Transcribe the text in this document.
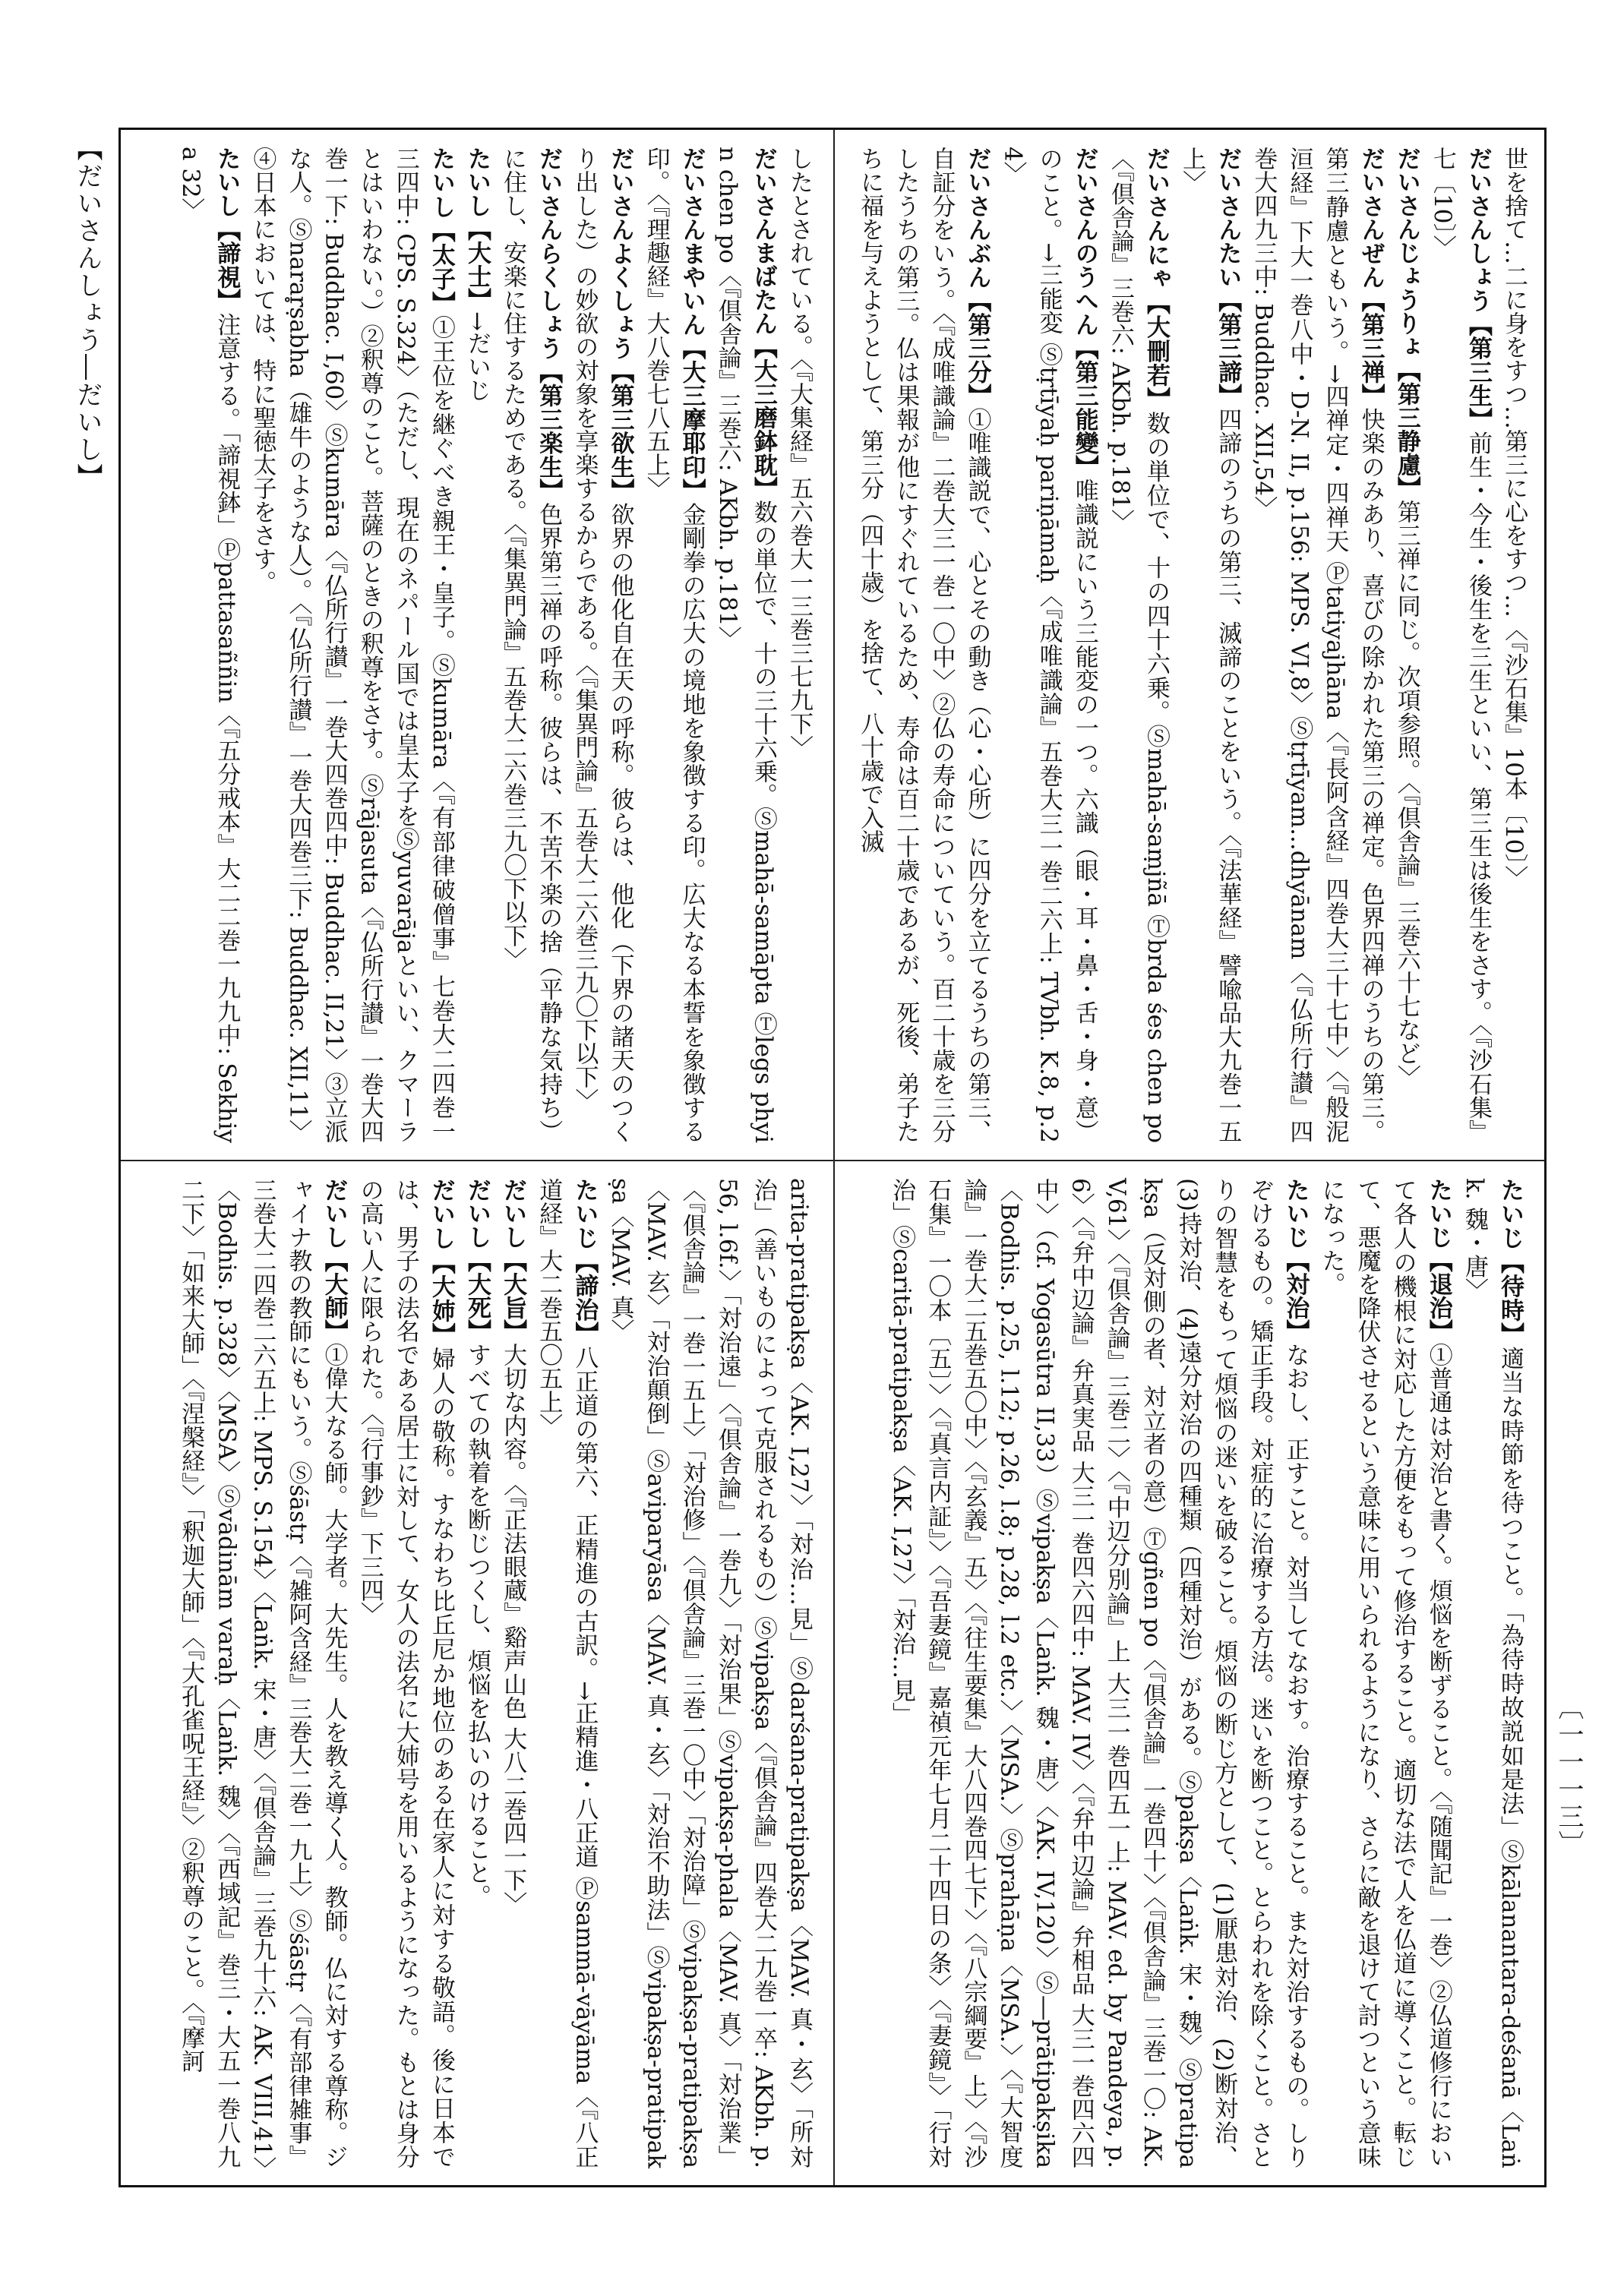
【だいさんしょう―だいし】
〔一一一三〕

世を捨て…二に身をすつ…第三に心をすつ…〈『沙石集』10本〔10〕〉

だいさんしょう【第三生】前生・今生・後生を三生といい、第三生は後生をさす。〈『沙石集』七〔10〕〉

だいさんじょうりょ【第三静慮】第三禅に同じ。次項参照。〈『倶舎論』三巻六十七など〉

だいさんぜん【第三禅】快楽のみあり、喜びの除かれた第三の禅定。色界四禅のうちの第三。第三静慮ともいう。→四禅定・四禅天 Ⓟtatiyajhāna〈『長阿含経』四巻大三十七中〉〈『般泥洹経』下大一巻八中・D-N. II, p.156: MPS. VI,8〉Ⓢtṛtīyam...dhyānam〈『仏所行讃』四巻大四九三中: Buddhac. XII,54〉

だいさんたい【第三諦】四諦のうちの第三、滅諦のことをいう。〈『法華経』譬喩品大九巻一五上〉

だいさんにゃ【大刪若】数の単位で、十の四十六乗。Ⓢmahā-saṃjñā Ⓣbrda śes chen po〈『倶舎論』三巻六: AKbh. p.181〉

だいさんのうへん【第三能變】唯識説にいう三能変の一つ。六識（眼・耳・鼻・舌・身・意）のこと。→三能変 Ⓢtṛtīyaḥ pariṇāmaḥ〈『成唯識論』五巻大三一巻二六上: TVbh. K.8, p.24〉

だいさんぶん【第三分】①唯識説で、心とその動き（心・心所）に四分を立てるうちの第三、自証分をいう。〈『成唯識論』二巻大三一巻一〇中〉②仏の寿命についていう。百二十歳を三分したうちの第三。仏は果報が他にすぐれているため、寿命は百二十歳であるが、死後、弟子たちに福を与えようとして、第三分（四十歳）を捨て、八十歳で入滅

したとされている。〈『大集経』五六巻大一三巻三七九下〉

だいさんまばたん【大三磨鉢耽】数の単位で、十の三十六乗。Ⓢmahā-samāpta Ⓣlegs phyin chen po〈『倶舎論』三巻六: AKbh. p.181〉

だいさんまやいん【大三摩耶印】金剛拳の広大の境地を象徴する印。広大なる本誓を象徴する印。〈『理趣経』大八巻七八五上〉

だいさんよくしょう【第三欲生】欲界の他化自在天の呼称。彼らは、他化（下界の諸天のつくり出した）の妙欲の対象を享楽するからである。〈『集異門論』五巻大二六巻三九〇下以下〉

だいさんらくしょう【第三楽生】色界第三禅の呼称。彼らは、不苦不楽の捨（平静な気持ち）に住し、安楽に住するためである。〈『集異門論』五巻大二六巻三九〇下以下〉

たいし【大士】→だいじ

たいし【太子】①王位を継ぐべき親王・皇子。Ⓢkumāra〈『有部律破僧事』七巻大二四巻一三四中: CPS. S.324〉（ただし、現在のネパール国では皇太子をⓈyuvarājaといい、クマーラとはいわない。）②釈尊のこと。菩薩のときの釈尊をさす。Ⓢrājasuta〈『仏所行讃』一巻大四巻一下: Buddhac. I,60〉Ⓢkumāra〈『仏所行讃』一巻大四巻四中: Buddhac. II,21〉③立派な人。Ⓢnarar̥ṣabha（雄牛のような人）。〈『仏所行讃』一巻大四巻三下: Buddhac. XII,11〉④日本においては、特に聖徳太子をさす。

たいし【諦視】注意する。「諦視鉢」Ⓟpattasaññin〈『五分戒本』大二二巻一九九中: Sekhiya 32〉

たいじ【待時】適当な時節を待つこと。「為待時故説如是法」Ⓢkālanantara-deśanā〈Laṅk. 魏・唐〉

たいじ【退治】①普通は対治と書く。煩悩を断ずること。〈『随聞記』一巻〉②仏道修行において各人の機根に対応した方便をもって修治すること。適切な法で人を仏道に導くこと。転じて、悪魔を降伏させるという意味に用いられるようになり、さらに敵を退けて討つという意味になった。

たいじ【対治】なおし、正すこと。対当してなおす。治療すること。また対治するもの。しりぞけるもの。矯正手段。対症的に治療する方法。迷いを断つこと。とらわれを除くこと。さとりの智慧をもって煩悩の迷いを破ること。煩悩の断じ方として、(1)厭患対治、(2)断対治、(3)持対治、(4)遠分対治の四種類（四種対治）がある。Ⓢpakṣa〈Laṅk. 宋・魏〉Ⓢpratipakṣa（反対側の者、対立者の意）Ⓣgñen po〈『倶舎論』一巻四十〉〈『倶舎論』三巻一〇: AK. V,61〉〈『倶舎論』三巻二〉〈『中辺分別論』上 大三一巻四五一上: MAV. ed. by Pandeya, p.6〉〈『弁中辺論』弁真実品 大三一巻四六四中: MAV. IV〉〈『弁中辺論』弁相品 大三一巻四六四中〉（cf. Yogasūtra II,33）Ⓢvipakṣa〈Laṅk. 魏・唐〉〈AK. IV,120〉Ⓢ―prātipakṣika〈Bodhis. p.25, l.12; p.26, l.8; p.28, l.2 etc.〉〈MSA.〉Ⓢprahāṇa〈MSA.〉〈『大智度論』一巻大二五巻五〇中〉〈『玄義』五〉〈『往生要集』大八四巻四七下〉〈『八宗綱要』上〉〈『沙石集』一〇本〔五〕〉〈『真言内証』〉〈『吾妻鏡』嘉禎元年七月二十四日の条〉〈『妻鏡』〉「行対治」Ⓢcaritā-pratipakṣa〈AK. I,27〉「対治…見」

arita-pratipakṣa〈AK. I,27〉「対治…見」Ⓢdarśana-pratipakṣa〈MAV. 真・玄〉「所対治」（善いものによって克服されるもの）Ⓢvipakṣa〈『倶舎論』四巻大二九巻一卒: AKbh. p.56, l.6f.〉「対治遠」〈『倶舎論』一巻九〉「対治果」Ⓢvipakṣa-phala〈MAV. 真〉「対治業」〈『倶舎論』一巻一五上〉「対治修」〈『倶舎論』三巻一〇中〉「対治障」Ⓢvipakṣa-pratipakṣa〈MAV. 玄〉「対治顛倒」Ⓢaviparyāsa〈MAV. 真・玄〉「対治不助法」Ⓢvipakṣa-pratipakṣa〈MAV. 真〉

たいじ【諦治】八正道の第六、正精進の古訳。→正精進・八正道 Ⓟsammā-vāyāma〈『八正道経』大二巻五〇五上〉

だいし【大旨】大切な内容。〈『正法眼蔵』谿声山色 大八二巻四一下〉

だいし【大死】すべての執着を断じつくし、煩悩を払いのけること。

だいし【大姉】婦人の敬称。すなわち比丘尼か地位のある在家人に対する敬語。後に日本では、男子の法名である居士に対して、女人の法名に大姉号を用いるようになった。もとは身分の高い人に限られた。〈『行事鈔』下三四〉

だいし【大師】①偉大なる師。大学者。大先生。人を教え導く人。教師。仏に対する尊称。ジャイナ教の教師にもいう。Ⓢśāstṛ〈『雑阿含経』三巻大二巻一九上〉Ⓢśāstṛ〈『有部律雑事』三巻大二四巻二六五上: MPS. S.154〉〈Laṅk. 宋・唐〉〈『倶舎論』三巻九十六: AK. VIII,41〉〈Bodhis. p.328〉〈MSA〉Ⓢvādinām varaḥ〈Laṅk. 魏〉〈『西域記』巻三・大五一巻八九二下〉「如来大師」〈『涅槃経』〉「釈迦大師」〈『大孔雀呪王経』〉②釈尊のこと。〈『摩訶
